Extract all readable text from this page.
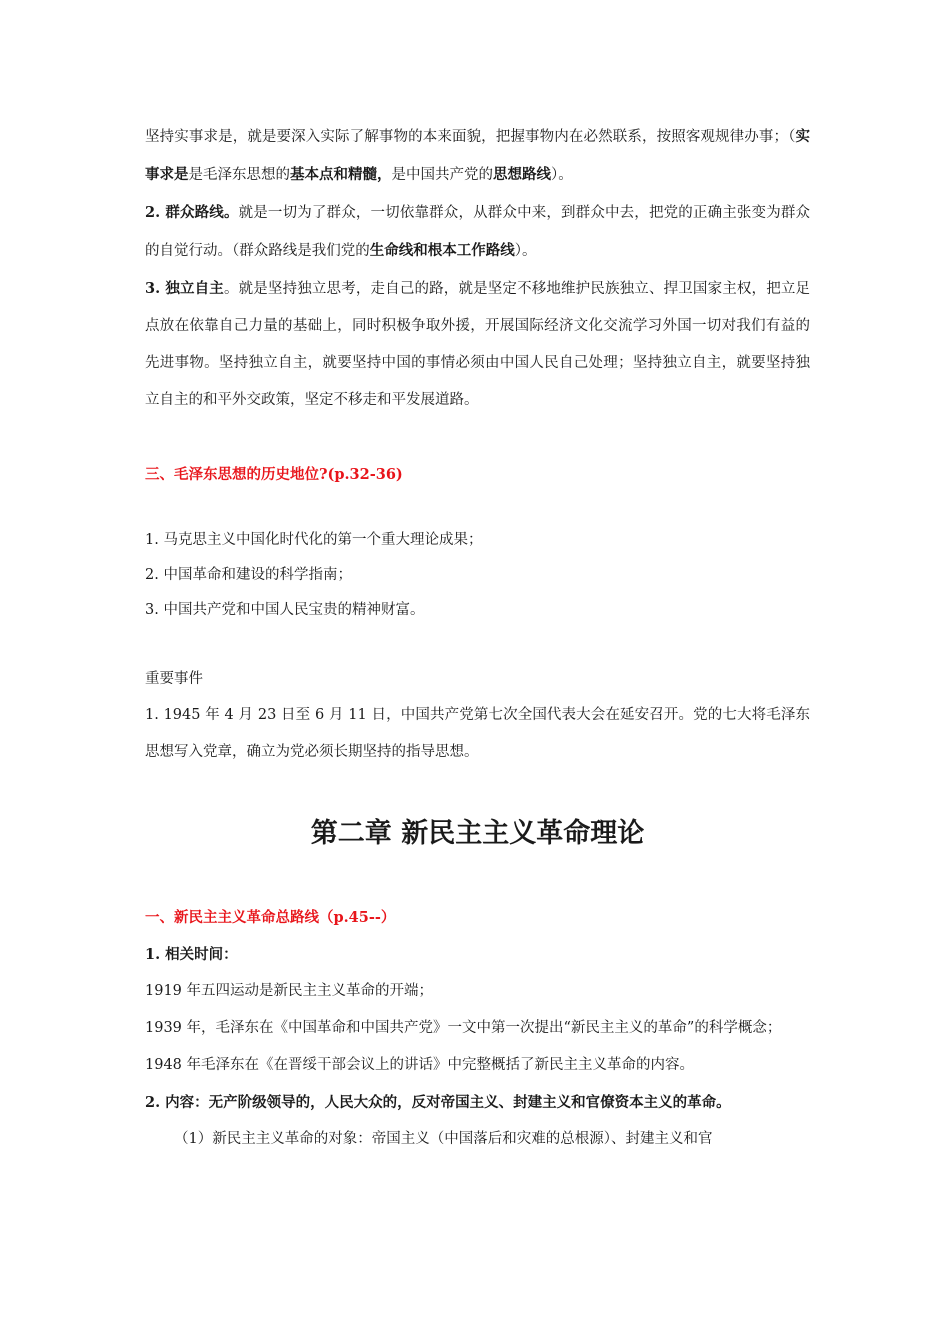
坚持实事求是，就是要深入实际了解事物的本来面貌，把握事物内在必然联系，按照客观规律办事；（实事求是是毛泽东思想的基本点和精髓，是中国共产党的思想路线）。

2. 群众路线。就是一切为了群众，一切依靠群众，从群众中来，到群众中去，把党的正确主张变为群众的自觉行动。（群众路线是我们党的生命线和根本工作路线）。

3. 独立自主。就是坚持独立思考，走自己的路，就是坚定不移地维护民族独立、捍卫国家主权，把立足点放在依靠自己力量的基础上，同时积极争取外援，开展国际经济文化交流学习外国一切对我们有益的先进事物。坚持独立自主，就要坚持中国的事情必须由中国人民自己处理；坚持独立自主，就要坚持独立自主的和平外交政策，坚定不移走和平发展道路。

三、毛泽东思想的历史地位?(p.32-36)

1. 马克思主义中国化时代化的第一个重大理论成果；

2. 中国革命和建设的科学指南；

3. 中国共产党和中国人民宝贵的精神财富。

重要事件

1. 1945 年 4 月 23 日至 6 月 11 日，中国共产党第七次全国代表大会在延安召开。党的七大将毛泽东思想写入党章，确立为党必须长期坚持的指导思想。

第二章 新民主主义革命理论

一、新民主主义革命总路线（p.45--）

1. 相关时间：

1919 年五四运动是新民主主义革命的开端；

1939 年，毛泽东在《中国革命和中国共产党》一文中第一次提出“新民主主义的革命”的科学概念；

1948 年毛泽东在《在晋绥干部会议上的讲话》中完整概括了新民主主义革命的内容。

2. 内容：无产阶级领导的，人民大众的，反对帝国主义、封建主义和官僚资本主义的革命。

（1）新民主主义革命的对象：帝国主义（中国落后和灾难的总根源）、封建主义和官
